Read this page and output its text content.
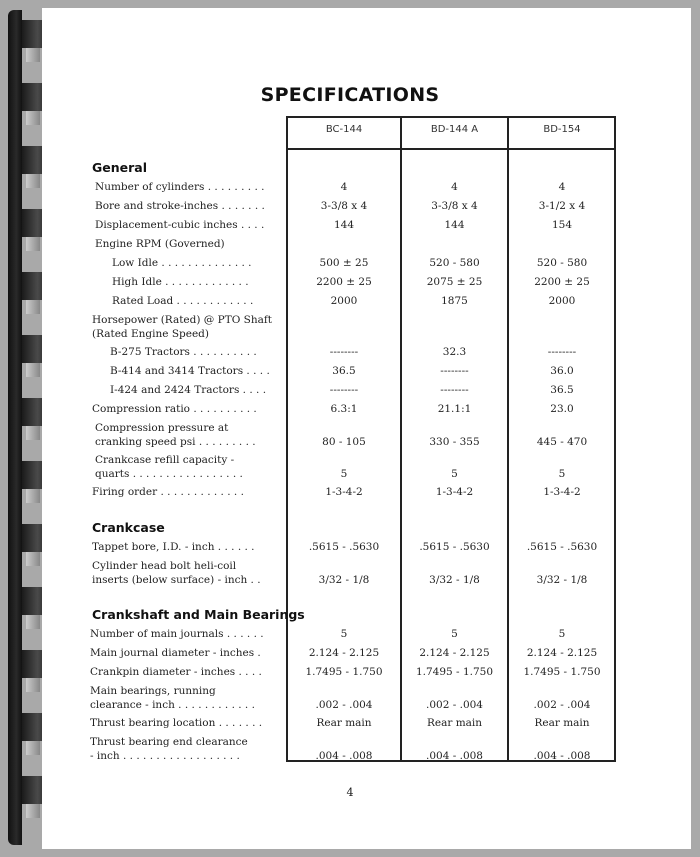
SPECIFICATIONS
BC-144	BD-144 A	BD-154
General
Crankcase
Crankshaft and Main Bearings
Number of cylinders . . . . . . . . .	4	4	4
Bore and stroke-inches . . . . . . .	3-3/8 x 4	3-3/8 x 4	3-1/2 x 4
Displacement-cubic inches . . . .	144	144	154
Engine RPM (Governed)
Low Idle . . . . . . . . . . . . . .	500 ± 25	520 - 580	520 - 580
High Idle . . . . . . . . . . . . .	2200 ± 25	2075 ± 25	2200 ± 25
Rated Load . . . . . . . . . . . .	2000	1875	2000
Horsepower (Rated) @ PTO Shaft
(Rated Engine Speed)
B-275 Tractors . . . . . . . . . .	--------	32.3	--------
B-414 and 3414 Tractors . . . .	36.5	--------	36.0
I-424 and 2424 Tractors . . . .	--------	--------	36.5
Compression ratio . . . . . . . . . .	6.3:1	21.1:1	23.0
Compression pressure at
cranking speed psi . . . . . . . . .	80 - 105	330 - 355	445 - 470
Crankcase refill capacity -
quarts . . . . . . . . . . . . . . . . .	5	5	5
Firing order . . . . . . . . . . . . .	1-3-4-2	1-3-4-2	1-3-4-2
Tappet bore, I.D. - inch . . . . . .	.5615 - .5630	.5615 - .5630	.5615 - .5630
Cylinder head bolt heli-coil
inserts (below surface) - inch . .	3/32 - 1/8	3/32 - 1/8	3/32 - 1/8
Number of main journals . . . . . .	5	5	5
Main journal diameter - inches .	2.124 - 2.125	2.124 - 2.125	2.124 - 2.125
Crankpin diameter - inches . . . .	1.7495 - 1.750	1.7495 - 1.750	1.7495 - 1.750
Main bearings, running
clearance - inch . . . . . . . . . . . .	.002 - .004	.002 - .004	.002 - .004
Thrust bearing location . . . . . . .	Rear main	Rear main	Rear main
Thrust bearing end clearance
- inch . . . . . . . . . . . . . . . . . .	.004 - .008	.004 - .008	.004 - .008
4
